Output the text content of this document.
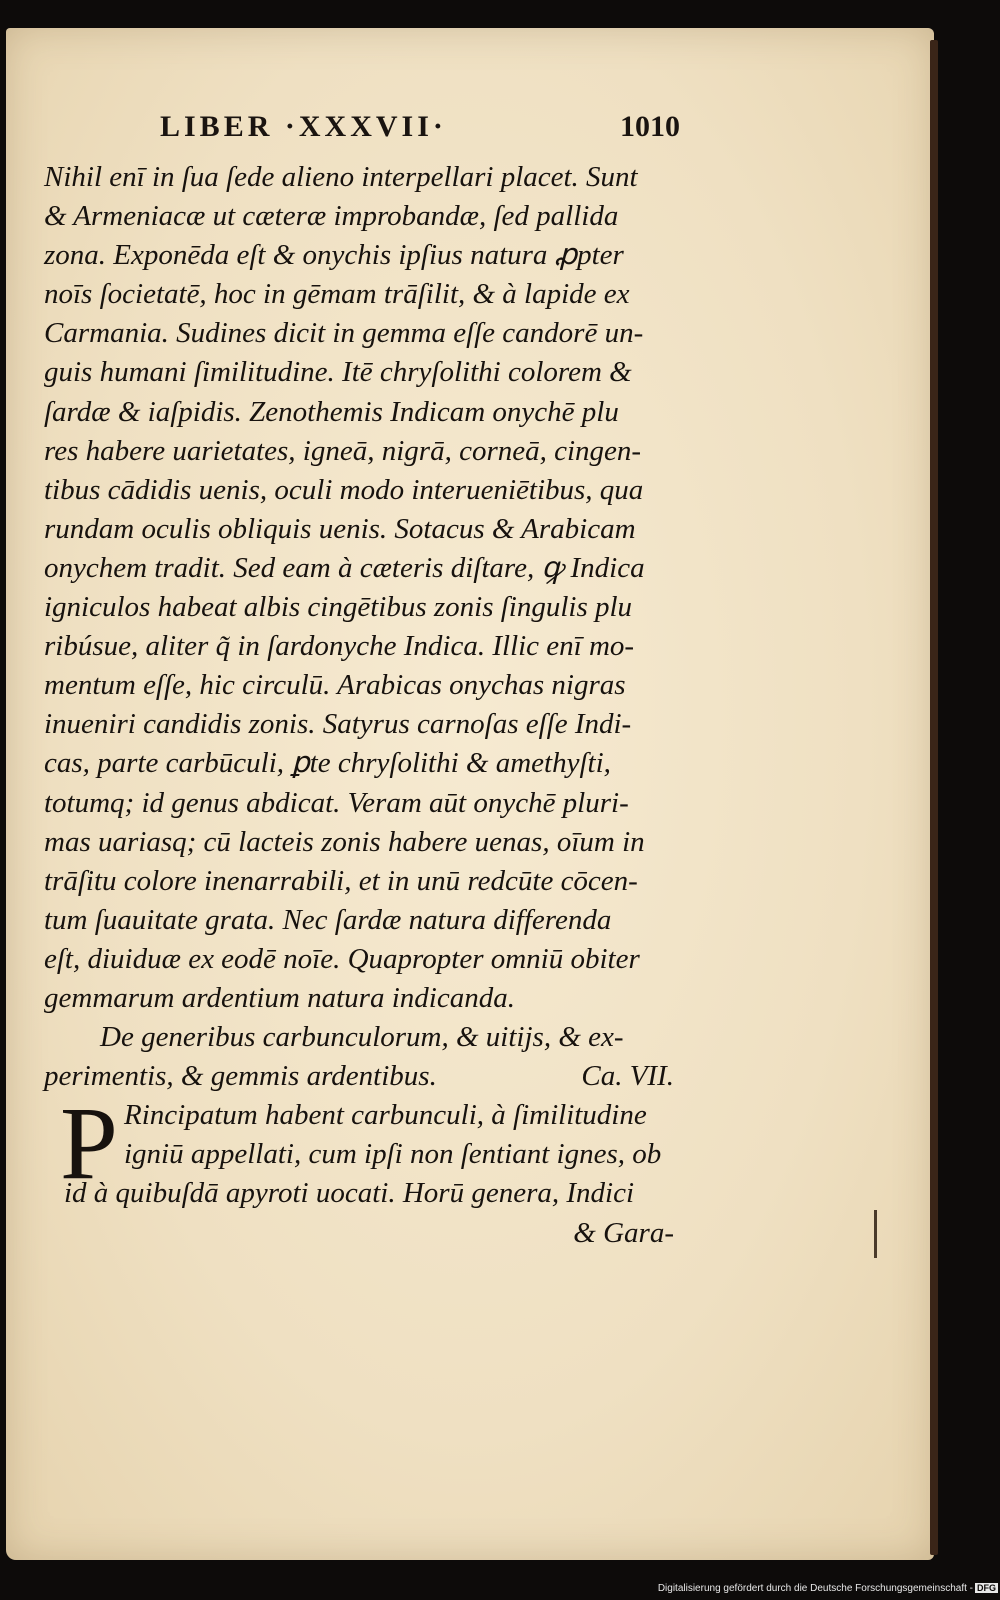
LIBER ·XXXVII·	1010
Nihil enī in ſua ſede alieno interpellari placet. Sunt
& Armeniacæ ut cæteræ improbandæ, ſed pallida
zona. Exponēda eſt & onychis ipſius natura ꝓpter
noīs ſocietatē, hoc in gēmam trāſilit, & à lapide ex
Carmania. Sudines dicit in gemma eſſe candorē un-
guis humani ſimilitudine. Itē chryſolithi colorem &
ſardæ & iaſpidis. Zenothemis Indicam onychē plu
res habere uarietates, igneā, nigrā, corneā, cingen-
tibus cādidis uenis, oculi modo interueniētibus, qua
rundam oculis obliquis uenis. Sotacus & Arabicam
onychem tradit. Sed eam à cæteris diſtare, ꝙ Indica
igniculos habeat albis cingētibus zonis ſingulis plu
ribúsue, aliter q̃ in ſardonyche Indica. Illic enī mo-
mentum eſſe, hic circulū. Arabicas onychas nigras
inueniri candidis zonis. Satyrus carnoſas eſſe Indi-
cas, parte carbūculi, ꝑte chryſolithi & amethyſti,
totumq; id genus abdicat. Veram aūt onychē pluri-
mas uariasq; cū lacteis zonis habere uenas, oīum in
trāſitu colore inenarrabili, et in unū redcūte cōcen-
tum ſuauitate grata. Nec ſardæ natura differenda
eſt, diuiduæ ex eodē noīe. Quapropter omniū obiter
gemmarum ardentium natura indicanda.
De generibus carbunculorum, & uitijs, & ex-
perimentis, & gemmis ardentibus.	Ca. VII.
P Rincipatum habent carbunculi, à ſimilitudine
igniū appellati, cum ipſi non ſentiant ignes, ob
id à quibuſdā apyroti uocati. Horū genera, Indici
& Gara-
Digitalisierung gefördert durch die Deutsche Forschungsgemeinschaft - DFG
